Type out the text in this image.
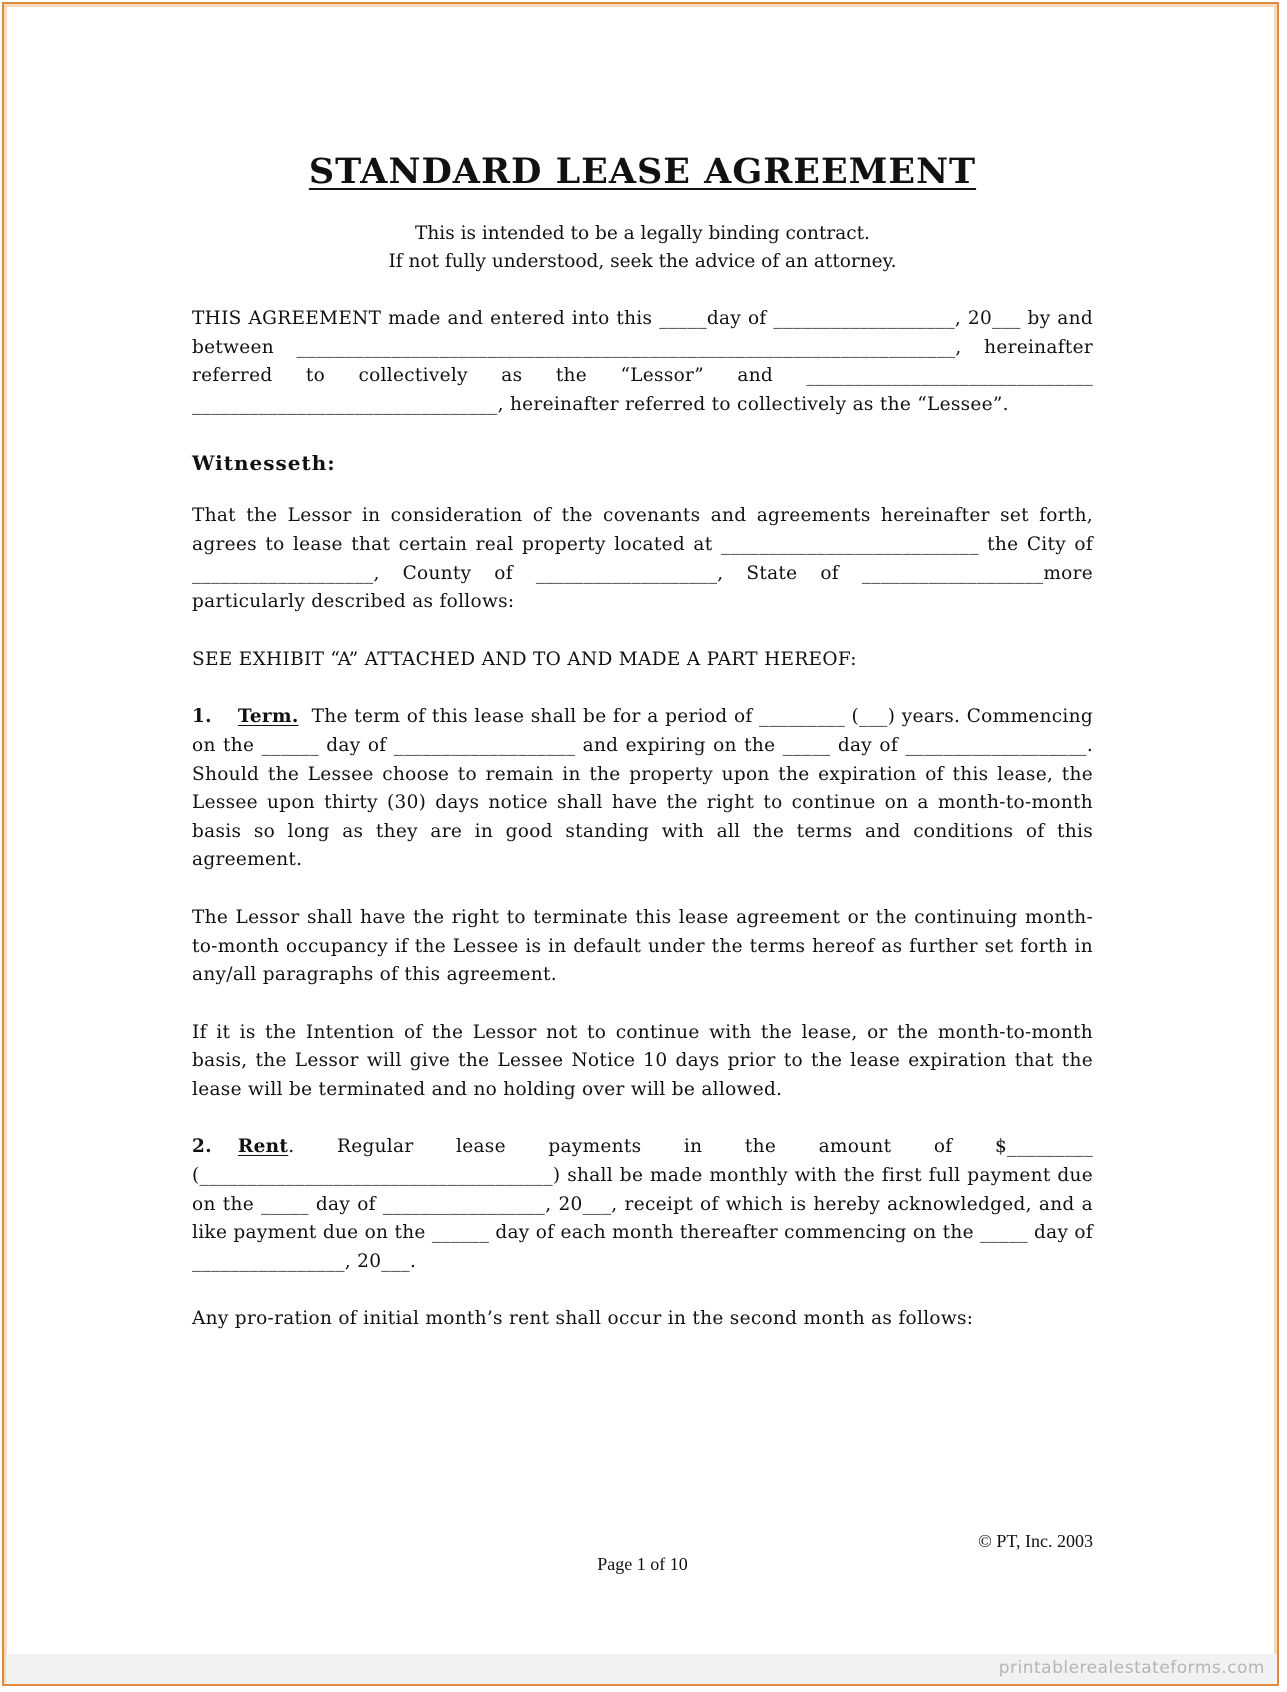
STANDARD LEASE AGREEMENT
This is intended to be a legally binding contract.
If not fully understood, seek the advice of an attorney.

THIS AGREEMENT made and entered into this _____day of ___________________, 20___ by and between _____________________________________________________________________, hereinafter referred to collectively as the “Lessor” and ______________________________ ________________________________, hereinafter referred to collectively as the “Lessee”.

Witnesseth:

That the Lessor in consideration of the covenants and agreements hereinafter set forth, agrees to lease that certain real property located at ___________________________ the City of ___________________, County of ___________________, State of ___________________more particularly described as follows:

SEE EXHIBIT “A” ATTACHED AND TO AND MADE A PART HEREOF:

1. Term. The term of this lease shall be for a period of _________ (___) years. Commencing on the ______ day of ___________________ and expiring on the _____ day of ___________________. Should the Lessee choose to remain in the property upon the expiration of this lease, the Lessee upon thirty (30) days notice shall have the right to continue on a month-to-month basis so long as they are in good standing with all the terms and conditions of this agreement.

The Lessor shall have the right to terminate this lease agreement or the continuing month-to-month occupancy if the Lessee is in default under the terms hereof as further set forth in any/all paragraphs of this agreement.

If it is the Intention of the Lessor not to continue with the lease, or the month-to-month basis, the Lessor will give the Lessee Notice 10 days prior to the lease expiration that the lease will be terminated and no holding over will be allowed.

2. Rent. Regular lease payments in the amount of $_________ (_____________________________________) shall be made monthly with the first full payment due on the _____ day of _________________, 20___, receipt of which is hereby acknowledged, and a like payment due on the ______ day of each month thereafter commencing on the _____ day of ________________, 20___.

Any pro-ration of initial month’s rent shall occur in the second month as follows:

© PT, Inc. 2003
Page 1 of 10
printablerealestateforms.com
